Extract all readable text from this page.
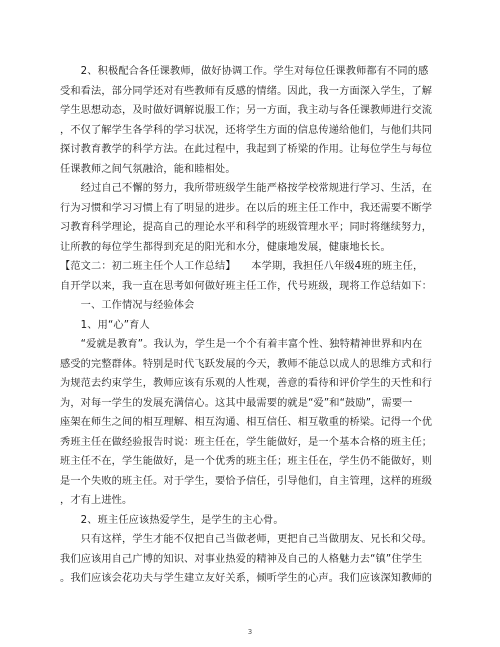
　　2、积极配合各任课教师，做好协调工作。学生对每位任课教师都有不同的感
受和看法，部分同学还对有些教师有反感的情绪。因此，我一方面深入学生，了解
学生思想动态，及时做好调解说服工作；另一方面，我主动与各任课教师进行交流
，不仅了解学生各学科的学习状况，还将学生方面的信息传递给他们，与他们共同
探讨教育教学的科学方法。在此过程中，我起到了桥梁的作用。让每位学生与每位
任课教师之间气氛融洽，能和睦相处。
　　经过自己不懈的努力，我所带班级学生能严格按学校常规进行学习、生活，在
行为习惯和学习习惯上有了明显的进步。在以后的班主任工作中，我还需要不断学
习教育科学理论，提高自己的理论水平和科学的班级管理水平；同时将继续努力，
让所教的每位学生都得到充足的阳光和水分，健康地发展，健康地长长。
【范文二：初二班主任个人工作总结】　　本学期，我担任八年级4班的班主任，
自开学以来，我一直在思考如何做好班主任工作，代号班级，现将工作总结如下：
　　一、工作情况与经验体会
　　1、用“心”育人
　　“爱就是教育”。我认为，学生是一个个有着丰富个性、独特精神世界和内在
感受的完整群体。特别是时代飞跃发展的今天，教师不能总以成人的思维方式和行
为规范去约束学生，教师应该有乐观的人性观，善意的看待和评价学生的天性和行
为，对每一学生的发展充满信心。这其中最需要的就是“爱”和“鼓励”，需要一
座架在师生之间的相互理解、相互沟通、相互信任、相互敬重的桥梁。记得一个优
秀班主任在做经验报告时说：班主任在，学生能做好，是一个基本合格的班主任；
班主任不在，学生能做好，是一个优秀的班主任；班主任在，学生仍不能做好，则
是一个失败的班主任。对于学生，要恰予信任，引导他们，自主管理，这样的班级
，才有上进性。
　　2、班主任应该热爱学生，是学生的主心骨。
　　只有这样，学生才能不仅把自己当做老师，更把自己当做朋友、兄长和父母。
我们应该用自己广博的知识、对事业热爱的精神及自己的人格魅力去“镇”住学生
。我们应该会花功夫与学生建立友好关系，倾听学生的心声。我们应该深知教师的
3
